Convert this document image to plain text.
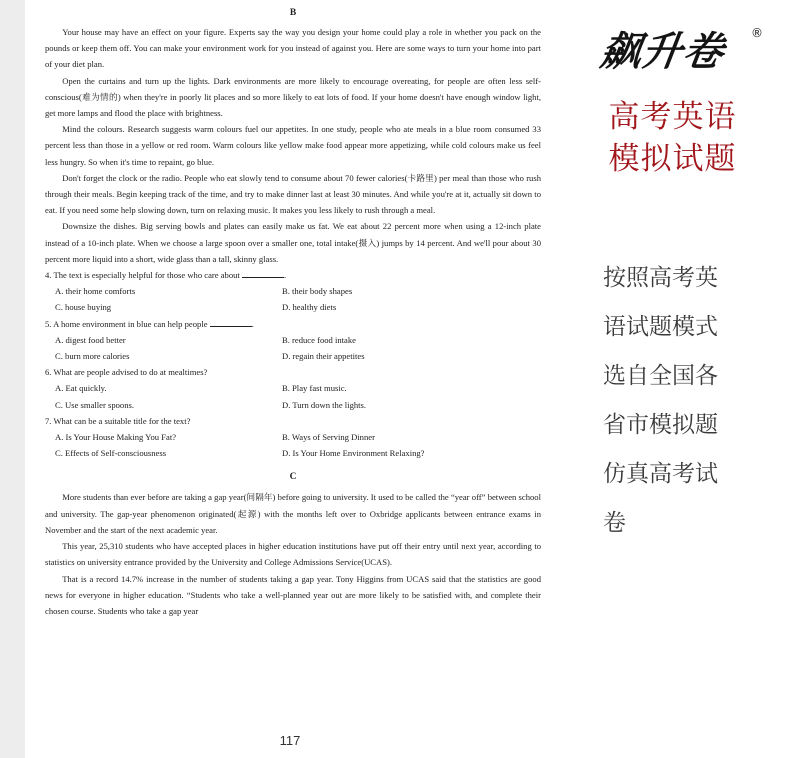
B

Your house may have an effect on your figure. Experts say the way you design your home could play a role in whether you pack on the pounds or keep them off. You can make your environment work for you instead of against you. Here are some ways to turn your home into part of your diet plan.

Open the curtains and turn up the lights. Dark environments are more likely to encourage overeating, for people are often less self-conscious(难为情的) when they're in poorly lit places and so more likely to eat lots of food. If your home doesn't have enough window light, get more lamps and flood the place with brightness.

Mind the colours. Research suggests warm colours fuel our appetites. In one study, people who ate meals in a blue room consumed 33 percent less than those in a yellow or red room. Warm colours like yellow make food appear more appetizing, while cold colours make us feel less hungry. So when it's time to repaint, go blue.

Don't forget the clock or the radio. People who eat slowly tend to consume about 70 fewer calories(卡路里) per meal than those who rush through their meals. Begin keeping track of the time, and try to make dinner last at least 30 minutes. And while you're at it, actually sit down to eat. If you need some help slowing down, turn on relaxing music. It makes you less likely to rush through a meal.

Downsize the dishes. Big serving bowls and plates can easily make us fat. We eat about 22 percent more when using a 12-inch plate instead of a 10-inch plate. When we choose a large spoon over a smaller one, total intake(摄入) jumps by 14 percent. And we'll pour about 30 percent more liquid into a short, wide glass than a tall, skinny glass.

4. The text is especially helpful for those who care about	.

A. their home comforts	B. their body shapes
C. house buying	D. healthy diets

5. A home environment in blue can help people	.

A. digest food better	B. reduce food intake
C. burn more calories	D. regain their appetites

6. What are people advised to do at mealtimes?

A. Eat quickly.	B. Play fast music.
C. Use smaller spoons.	D. Turn down the lights.

7. What can be a suitable title for the text?

A. Is Your House Making You Fat?	B. Ways of Serving Dinner
C. Effects of Self-consciousness	D. Is Your Home Environment Relaxing?
C

More students than ever before are taking a gap year(间隔年) before going to university. It used to be called the “year off” between school and university. The gap-year phenomenon originated(起源) with the months left over to Oxbridge applicants between entrance exams in November and the start of the next academic year.

This year, 25,310 students who have accepted places in higher education institutions have put off their entry until next year, according to statistics on university entrance provided by the University and College Admissions Service(UCAS).

That is a record 14.7% increase in the number of students taking a gap year. Tony Higgins from UCAS said that the statistics are good news for everyone in higher education. “Students who take a well-planned year out are more likely to be satisfied with, and complete their chosen course. Students who take a gap year

117
飙升卷	®
高考英语
模拟试题
按照高考英
语试题模式
选自全国各
省市模拟题
仿真高考试
卷
